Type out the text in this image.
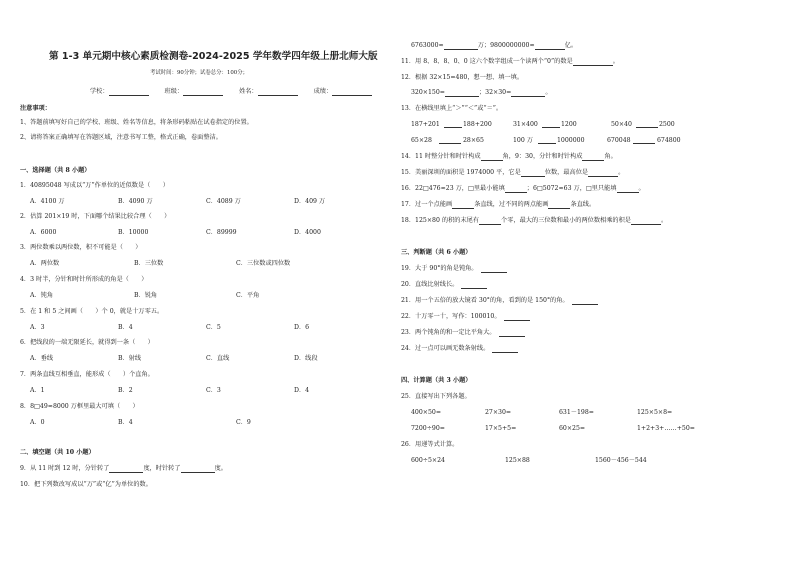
第 1-3 单元期中核心素质检测卷-2024-2025 学年数学四年级上册北师大版
考试时间：90分钟；试卷总分：100分；
学校：	班级：	姓名：	成绩：
注意事项：
1、答题前填写好自己的学校、班级、姓名等信息，将条形码粘贴在试卷指定的位置。
2、请将答案正确填写在答题区域，注意书写工整，格式正确，卷面整洁。
一、选择题（共 8 小题）
1．40895048 写成以“万”作单位的近似数是（　　）
A．4100 万	B．4090 万	C．4089 万	D．409 万
2．估算 201×19 时，下面哪个结果比较合理（　　）
A．6000	B．10000	C．89999	D．4000
3．两位数乘以两位数，积不可能是（　　）
A．两位数	B．三位数	C．三位数或四位数
4．3 时半，分针和时针所形成的角是（　　）
A．钝角	B．锐角	C．平角
5．在 1 和 5 之间画（　　）个 0，就是十万零五。
A．3	B．4	C．5	D．6
6．把线段的一端无限延长，就得到一条（　　）
A．垂线	B．射线	C．直线	D．线段
7．两条直线互相垂直，能形成（　　）个直角。
A．1	B．2	C．3	D．4
8．8□49≈8000 万框里最大可填（　　）
A．0	B．4	C．9
二、填空题（共 10 小题）
9．从 11 时到 12 时，分针转了	度，时针转了	度。
10．把下列数改写成以“万”或“亿”为单位的数。
6763000≈	万；9800000000≈	亿。
11．用 8、8、8、0、0 这六个数字组成一个读两个“0”的数是	。
12．根据 32×15=480，想一想、填一填。
320×150=	；32×30=	。
13．在横线里填上“＞”“＜”或“＝”。
187+201	188+200	31×400	1200	50×40	2500
65×28	28×65	100 万	1000000	670048	674800
14．11 时整分针和时针构成	角，9：30，分针和时针构成	角。
15．美丽深圳的面积是 1974000 平，它是	位数，最高位是	。
16．22□476≈23 万，□里最小能填	；6□5072≈63 万，□里只能填	。
17．过一个点能画	条直线，过不同的两点能画	条直线。
18．125×80 的积的末尾有	个零，最大的三位数和最小的两位数相乘的积是	。
三、判断题（共 6 小题）
19．大于 90°的角是钝角。
20．直线比射线长。
21．用一个五倍的放大镜看 30°的角，看到的是 150°的角。
22．十万零一十，写作：100010。
23．两个钝角的和一定比平角大。
24．过一点可以画无数条射线。
四、计算题（共 3 小题）
25．直接写出下列各题。
400×50=	27×30=	631－198=	125×5×8=
7200÷90=	17×5+5=	60×25=	1+2+3+……+50=
26．用递等式计算。
600÷5×24	125×88	1560－456－544
